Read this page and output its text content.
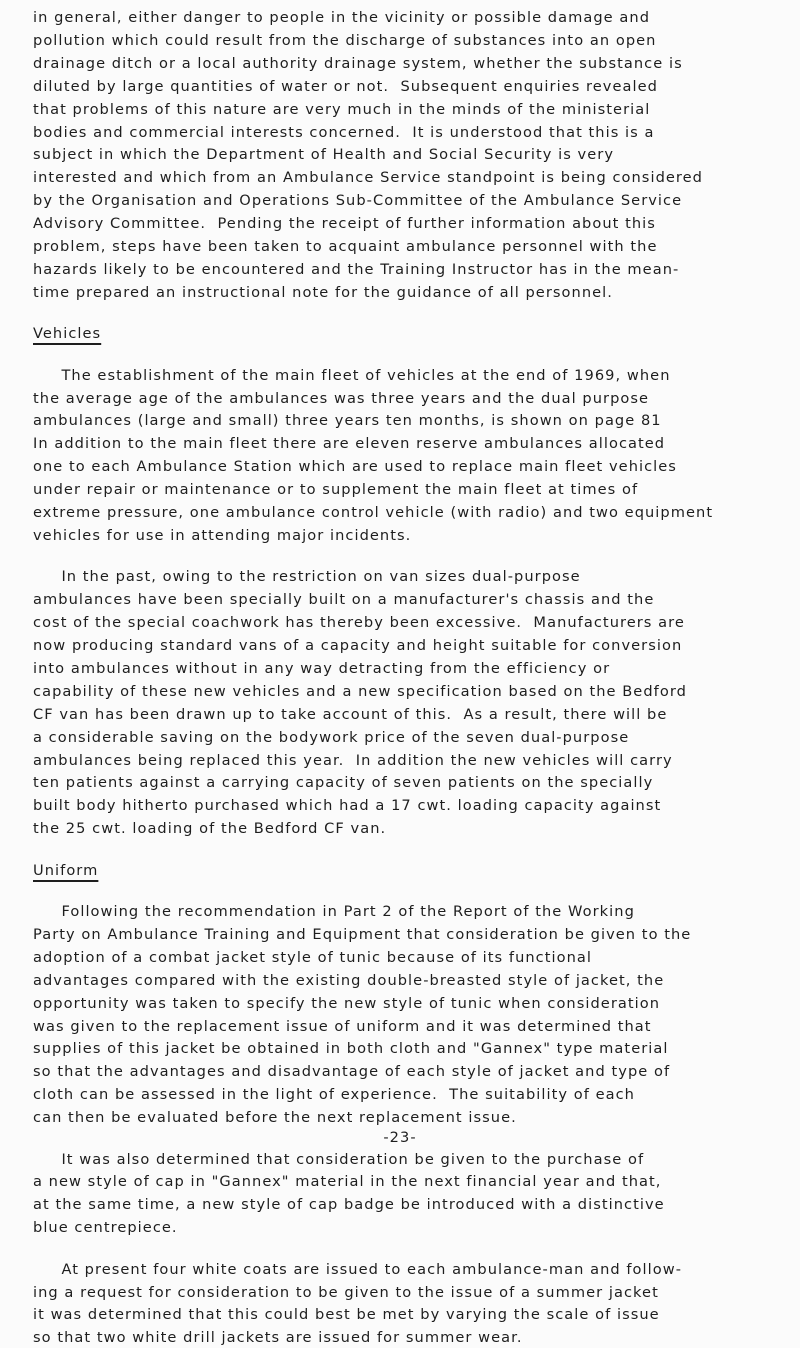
in general, either danger to people in the vicinity or possible damage and
pollution which could result from the discharge of substances into an open
drainage ditch or a local authority drainage system, whether the substance is
diluted by large quantities of water or not.  Subsequent enquiries revealed
that problems of this nature are very much in the minds of the ministerial
bodies and commercial interests concerned.  It is understood that this is a
subject in which the Department of Health and Social Security is very
interested and which from an Ambulance Service standpoint is being considered
by the Organisation and Operations Sub-Committee of the Ambulance Service
Advisory Committee.  Pending the receipt of further information about this
problem, steps have been taken to acquaint ambulance personnel with the
hazards likely to be encountered and the Training Instructor has in the mean-
time prepared an instructional note for the guidance of all personnel.
Vehicles
The establishment of the main fleet of vehicles at the end of 1969, when
the average age of the ambulances was three years and the dual purpose
ambulances (large and small) three years ten months, is shown on page 81
In addition to the main fleet there are eleven reserve ambulances allocated
one to each Ambulance Station which are used to replace main fleet vehicles
under repair or maintenance or to supplement the main fleet at times of
extreme pressure, one ambulance control vehicle (with radio) and two equipment
vehicles for use in attending major incidents.
In the past, owing to the restriction on van sizes dual-purpose
ambulances have been specially built on a manufacturer's chassis and the
cost of the special coachwork has thereby been excessive.  Manufacturers are
now producing standard vans of a capacity and height suitable for conversion
into ambulances without in any way detracting from the efficiency or
capability of these new vehicles and a new specification based on the Bedford
CF van has been drawn up to take account of this.  As a result, there will be
a considerable saving on the bodywork price of the seven dual-purpose
ambulances being replaced this year.  In addition the new vehicles will carry
ten patients against a carrying capacity of seven patients on the specially
built body hitherto purchased which had a 17 cwt. loading capacity against
the 25 cwt. loading of the Bedford CF van.
Uniform
Following the recommendation in Part 2 of the Report of the Working
Party on Ambulance Training and Equipment that consideration be given to the
adoption of a combat jacket style of tunic because of its functional
advantages compared with the existing double-breasted style of jacket, the
opportunity was taken to specify the new style of tunic when consideration
was given to the replacement issue of uniform and it was determined that
supplies of this jacket be obtained in both cloth and "Gannex" type material
so that the advantages and disadvantage of each style of jacket and type of
cloth can be assessed in the light of experience.  The suitability of each
can then be evaluated before the next replacement issue.
It was also determined that consideration be given to the purchase of
a new style of cap in "Gannex" material in the next financial year and that,
at the same time, a new style of cap badge be introduced with a distinctive
blue centrepiece.
At present four white coats are issued to each ambulance-man and follow-
ing a request for consideration to be given to the issue of a summer jacket
it was determined that this could best be met by varying the scale of issue
so that two white drill jackets are issued for summer wear.
-23-
